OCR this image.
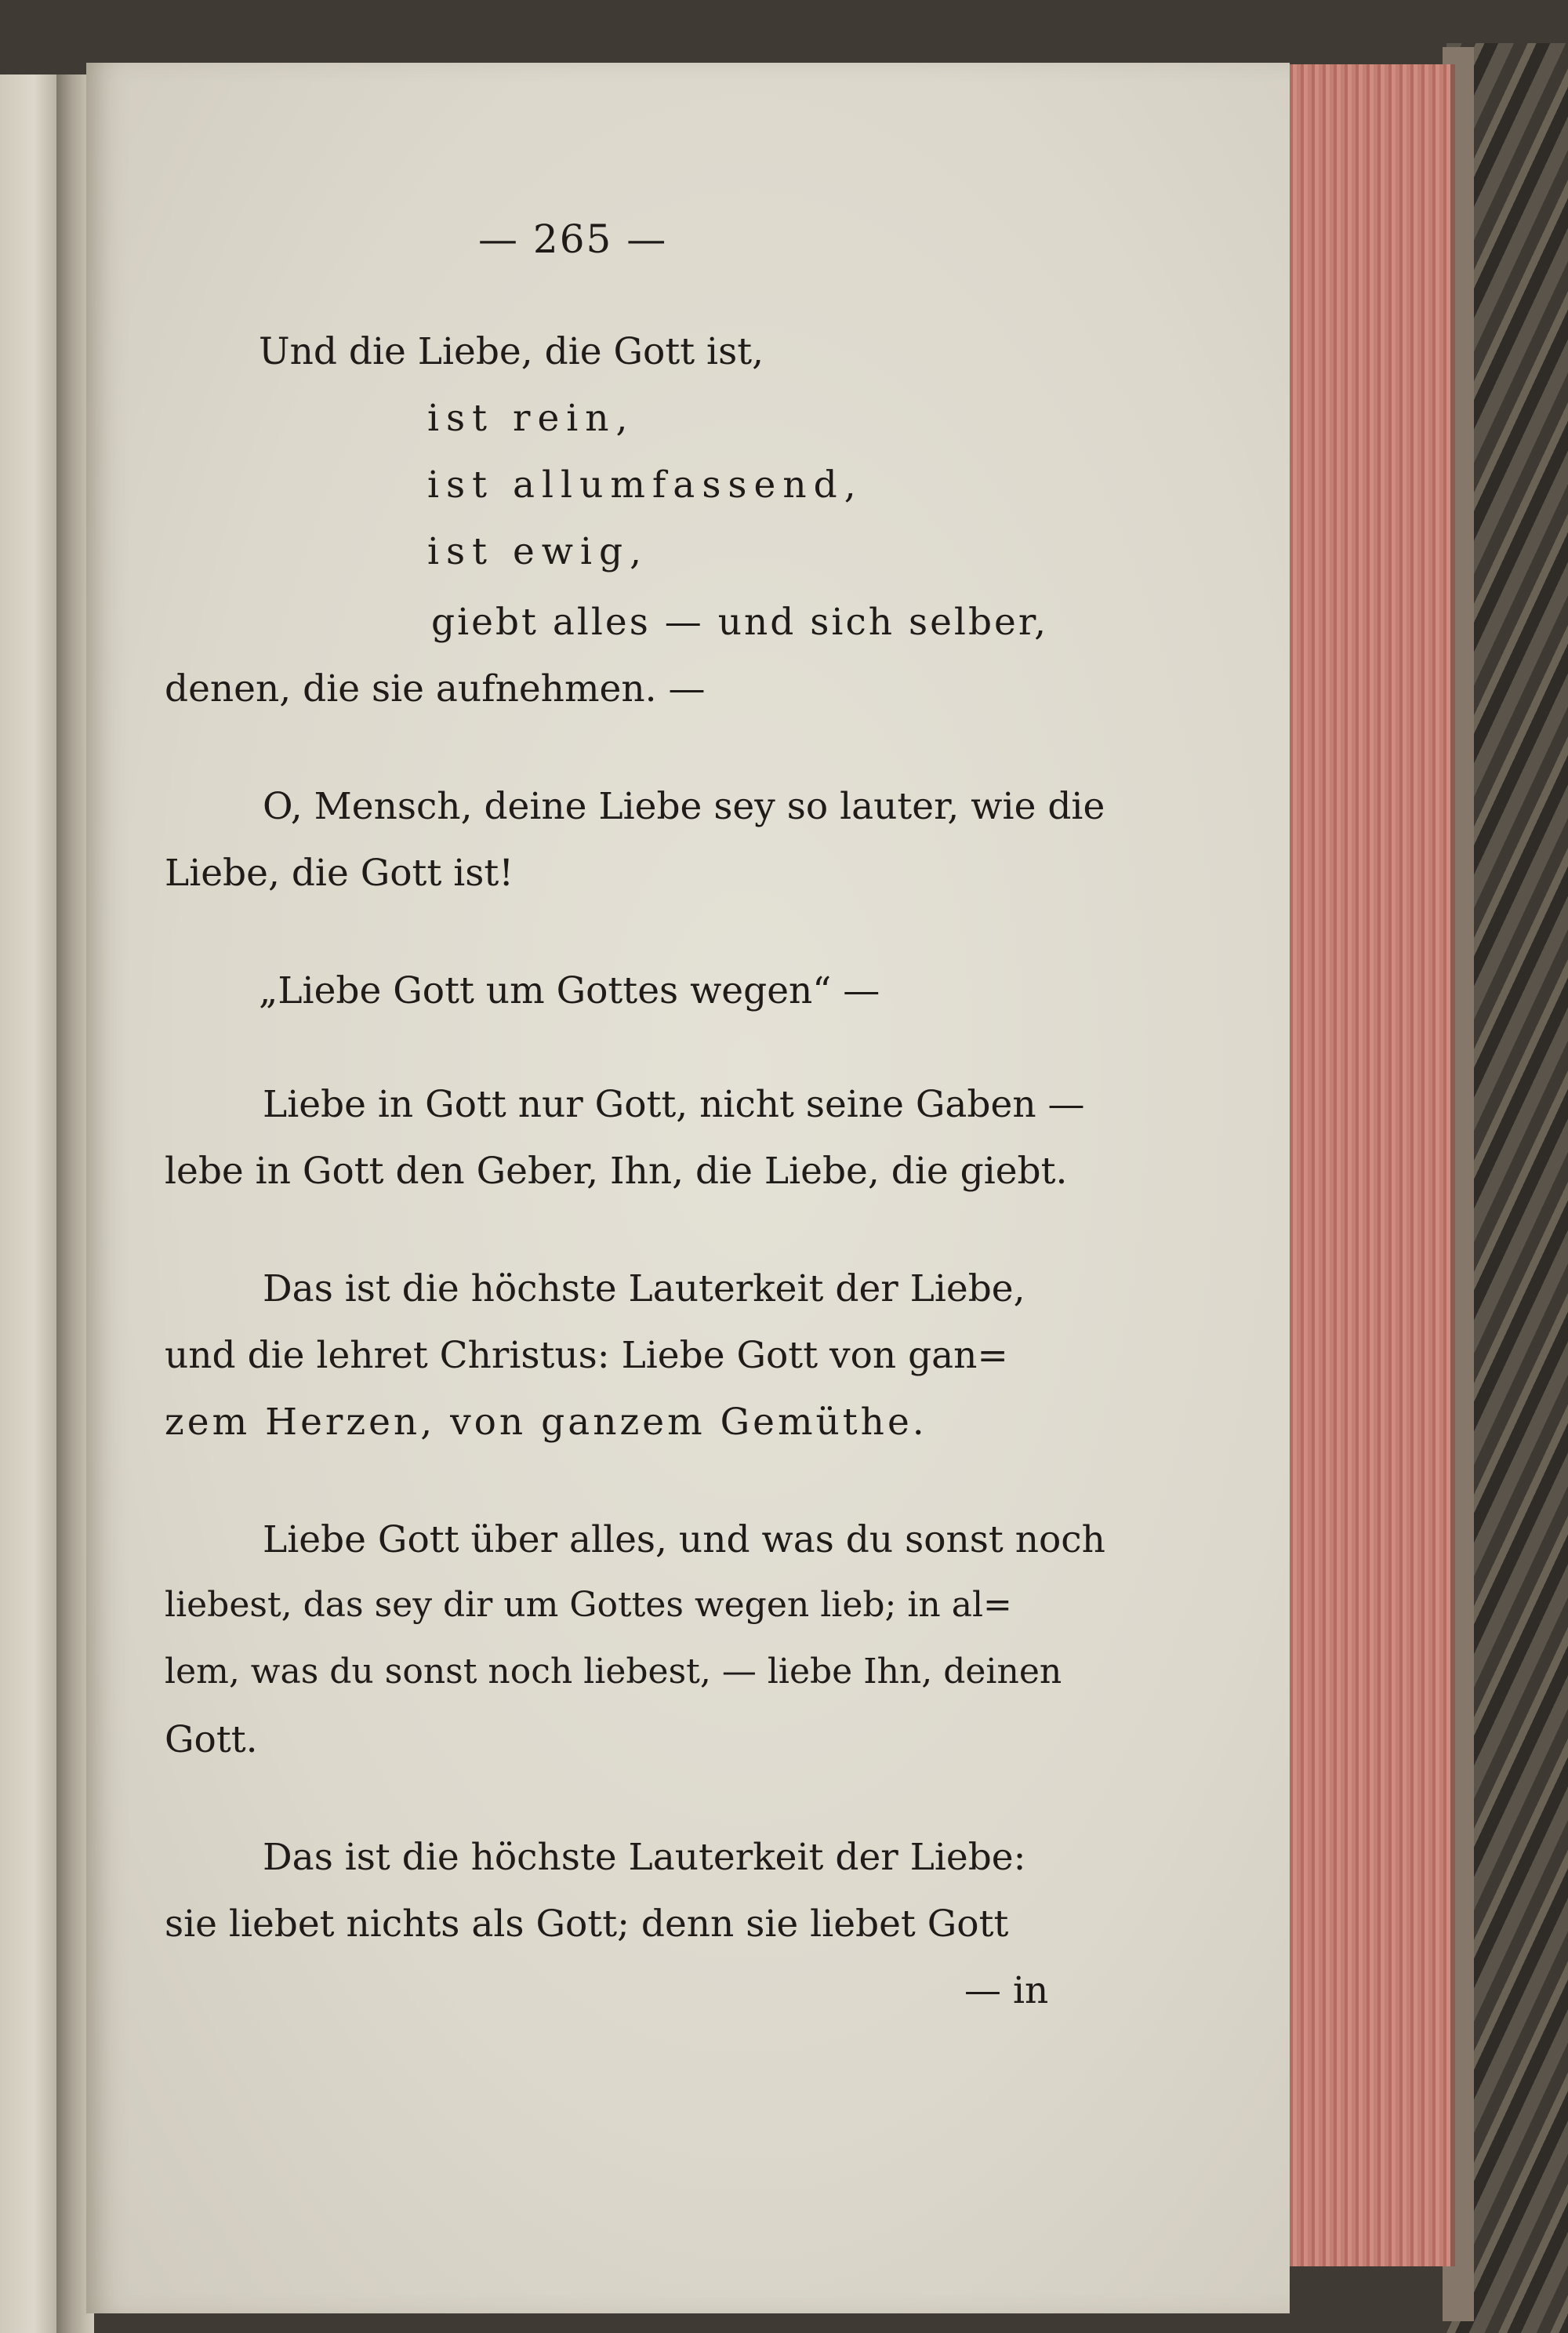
— 265 —
Und die Liebe, die Gott ist,
ist rein,
ist allumfassend,
ist ewig,
giebt alles — und sich selber,
denen, die sie aufnehmen. —
O, Mensch, deine Liebe sey so lauter, wie die
Liebe, die Gott ist!
„Liebe Gott um Gottes wegen“ —
Liebe in Gott nur Gott, nicht seine Gaben —
lebe in Gott den Geber, Ihn, die Liebe, die giebt.
Das ist die höchste Lauterkeit der Liebe,
und die lehret Christus: Liebe Gott von gan=
zem Herzen, von ganzem Gemüthe.
Liebe Gott über alles, und was du sonst noch
liebest, das sey dir um Gottes wegen lieb; in al=
lem, was du sonst noch liebest, — liebe Ihn, deinen
Gott.
Das ist die höchste Lauterkeit der Liebe:
sie liebet nichts als Gott; denn sie liebet Gott
— in
